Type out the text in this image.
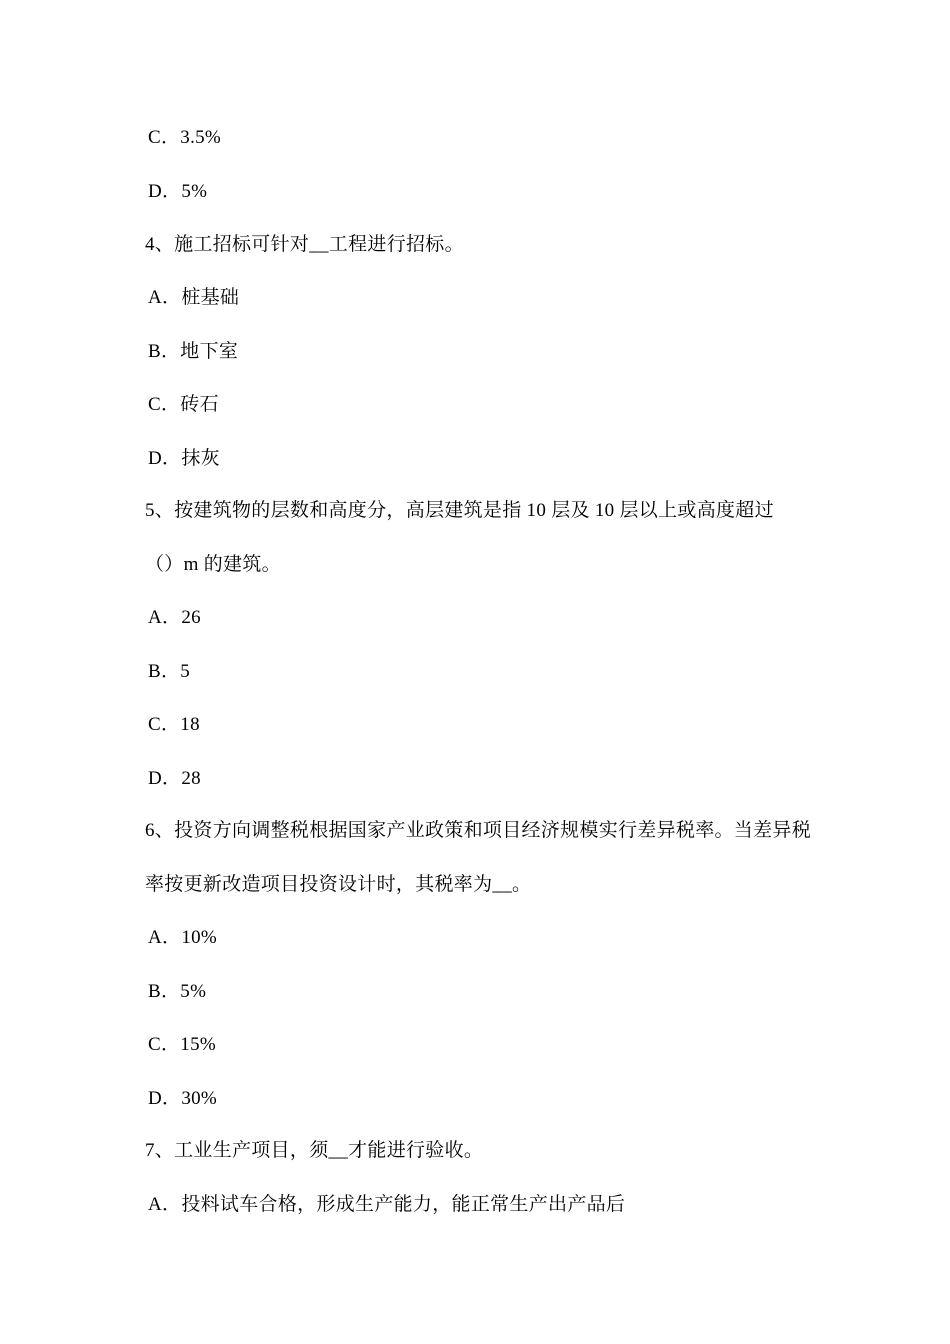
C．3.5%
D．5%
4、施工招标可针对__工程进行招标。
A．桩基础
B．地下室
C．砖石
D．抹灰
5、按建筑物的层数和高度分，高层建筑是指 10 层及 10 层以上或高度超过
（）m 的建筑。
A．26
B．5
C．18
D．28
6、投资方向调整税根据国家产业政策和项目经济规模实行差异税率。当差异税
率按更新改造项目投资设计时，其税率为__。
A．10%
B．5%
C．15%
D．30%
7、工业生产项目，须__才能进行验收。
A．投料试车合格，形成生产能力，能正常生产出产品后
